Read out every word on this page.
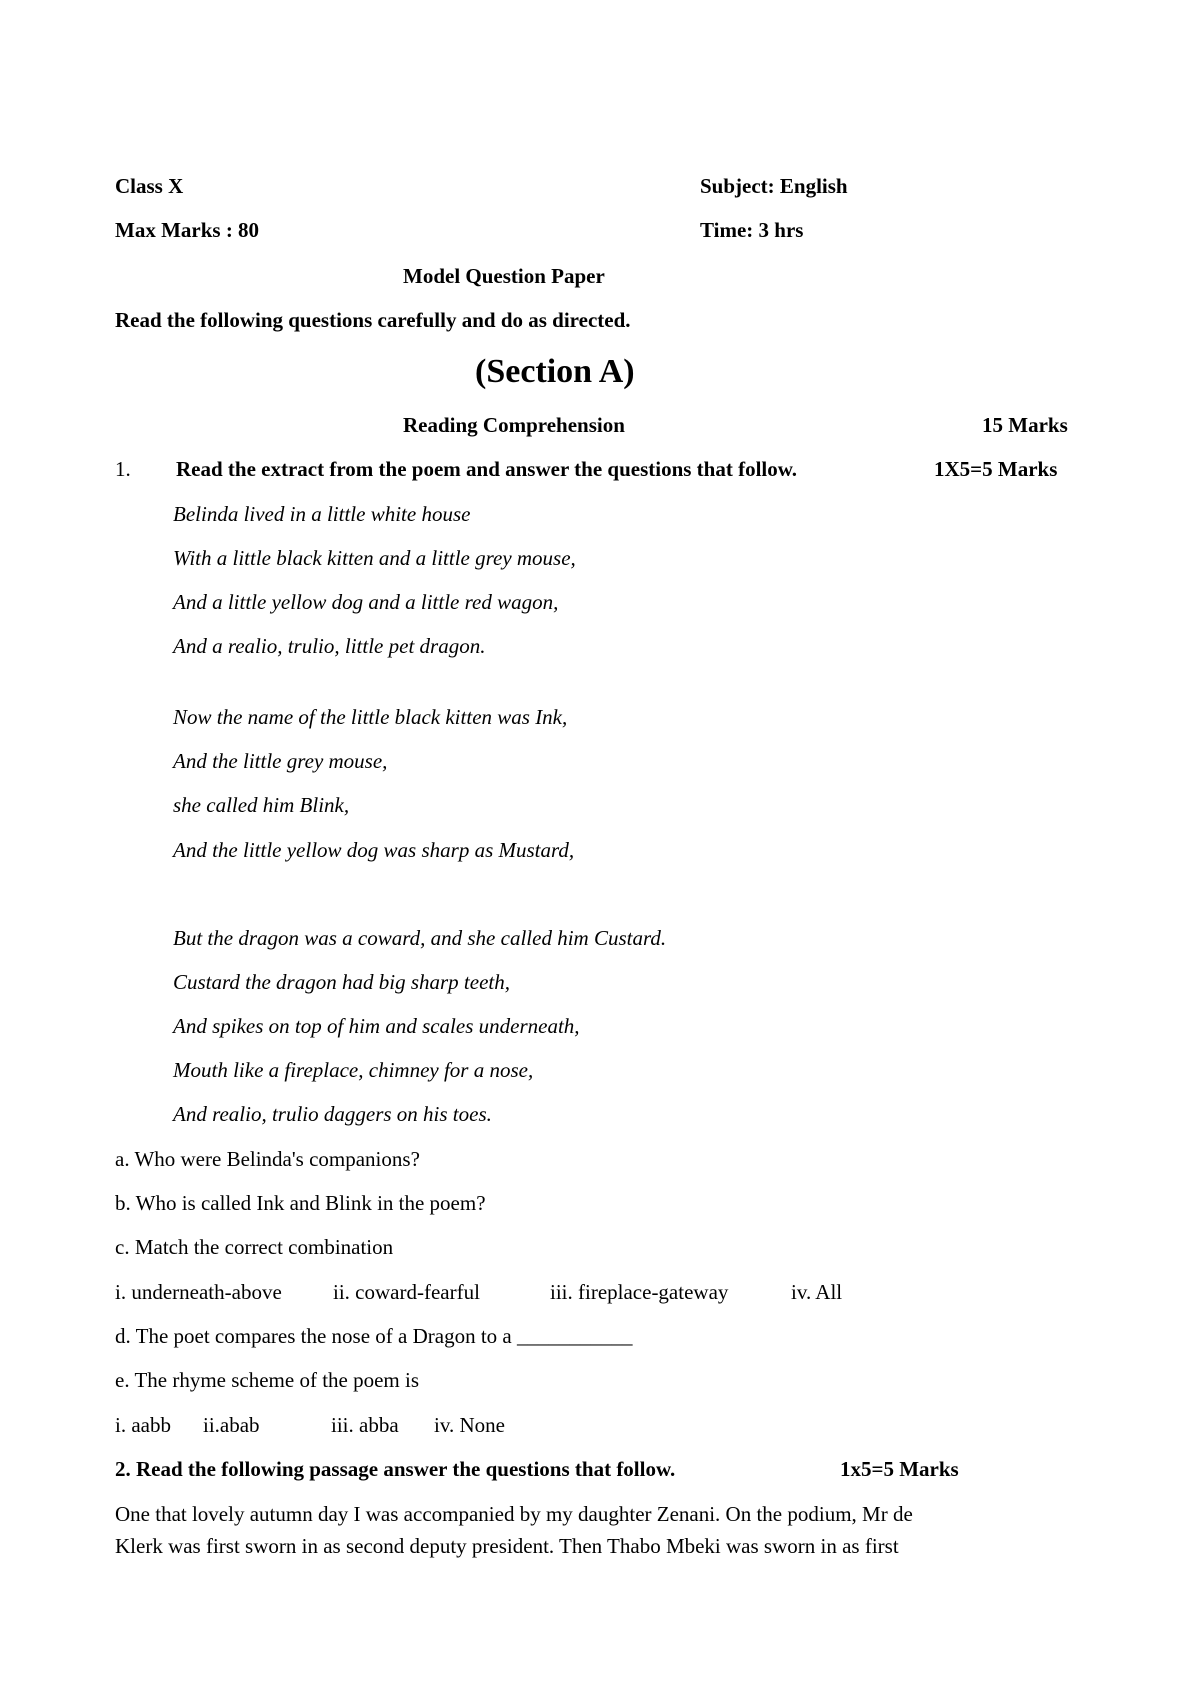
Class X	Subject: English
Max Marks : 80	Time: 3 hrs
Model Question Paper
Read the following questions carefully and do as directed.
(Section A)
Reading Comprehension	15 Marks
1. Read the extract from the poem and answer the questions that follow.	1X5=5 Marks
Belinda lived in a little white house
With a little black kitten and a little grey mouse,
And a little yellow dog and a little red wagon,
And a realio, trulio, little pet dragon.
Now the name of the little black kitten was Ink,
And the little grey mouse,
she called him Blink,
And the little yellow dog was sharp as Mustard,
But the dragon was a coward, and she called him Custard.
Custard the dragon had big sharp teeth,
And spikes on top of him and scales underneath,
Mouth like a fireplace, chimney for a nose,
And realio, trulio daggers on his toes.
a. Who were Belinda's companions?
b. Who is called Ink and Blink in the poem?
c. Match the correct combination
i. underneath-above ii. coward-fearful	iii. fireplace-gateway	iv. All
d. The poet compares the nose of a Dragon to a ___________
e. The rhyme scheme of the poem is
i. aabb ii.abab	iii. abba iv. None
2. Read the following passage answer the questions that follow.	1x5=5 Marks
One that lovely autumn day I was accompanied by my daughter Zenani. On the podium, Mr de
Klerk was first sworn in as second deputy president. Then Thabo Mbeki was sworn in as first
